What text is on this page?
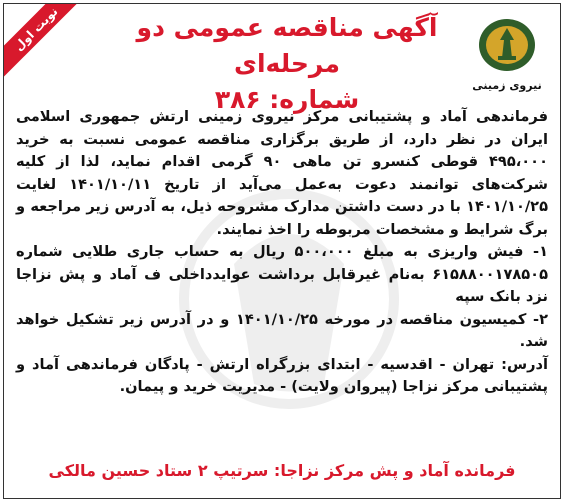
نوبت اول
نیروی زمینی
آگهی مناقصه عمومی دو مرحله‌ای
شماره: ۳۸۶

فرماندهی آماد و پشتیبانی مرکز نیروی زمینی ارتش جمهوری اسلامی ایران در نظر دارد، از طریق برگزاری مناقصه عمومی نسبت به خرید ۴۹۵،۰۰۰ قوطی کنسرو تن ماهی ۹۰ گرمی اقدام نماید، لذا از کلیه شرکت‌های توانمند دعوت به‌عمل می‌آید از تاریخ ۱۴۰۱/۱۰/۱۱ لغایت ۱۴۰۱/۱۰/۲۵ با در دست داشتن مدارک مشروحه ذیل، به آدرس زیر مراجعه و برگ شرایط و مشخصات مربوطه را اخذ نمایند.

۱- فیش واریزی به مبلغ ۵۰۰،۰۰۰ ریال به حساب جاری طلایی شماره ۶۱۵۸۸۰۰۱۷۸۵۰۵ به‌نام غیرقابل برداشت عوایدداخلی ف آماد و پش نزاجا نزد بانک سپه

۲- کمیسیون مناقصه در مورخه ۱۴۰۱/۱۰/۲۵ و در آدرس زیر تشکیل خواهد شد.

آدرس: تهران - اقدسیه - ابتدای بزرگراه ارتش - پادگان فرماندهی آماد و پشتیبانی مرکز نزاجا (پیروان ولایت) - مدیریت خرید و پیمان.

فرمانده آماد و پش مرکز نزاجا: سرتیپ ۲ ستاد حسین مالکی
